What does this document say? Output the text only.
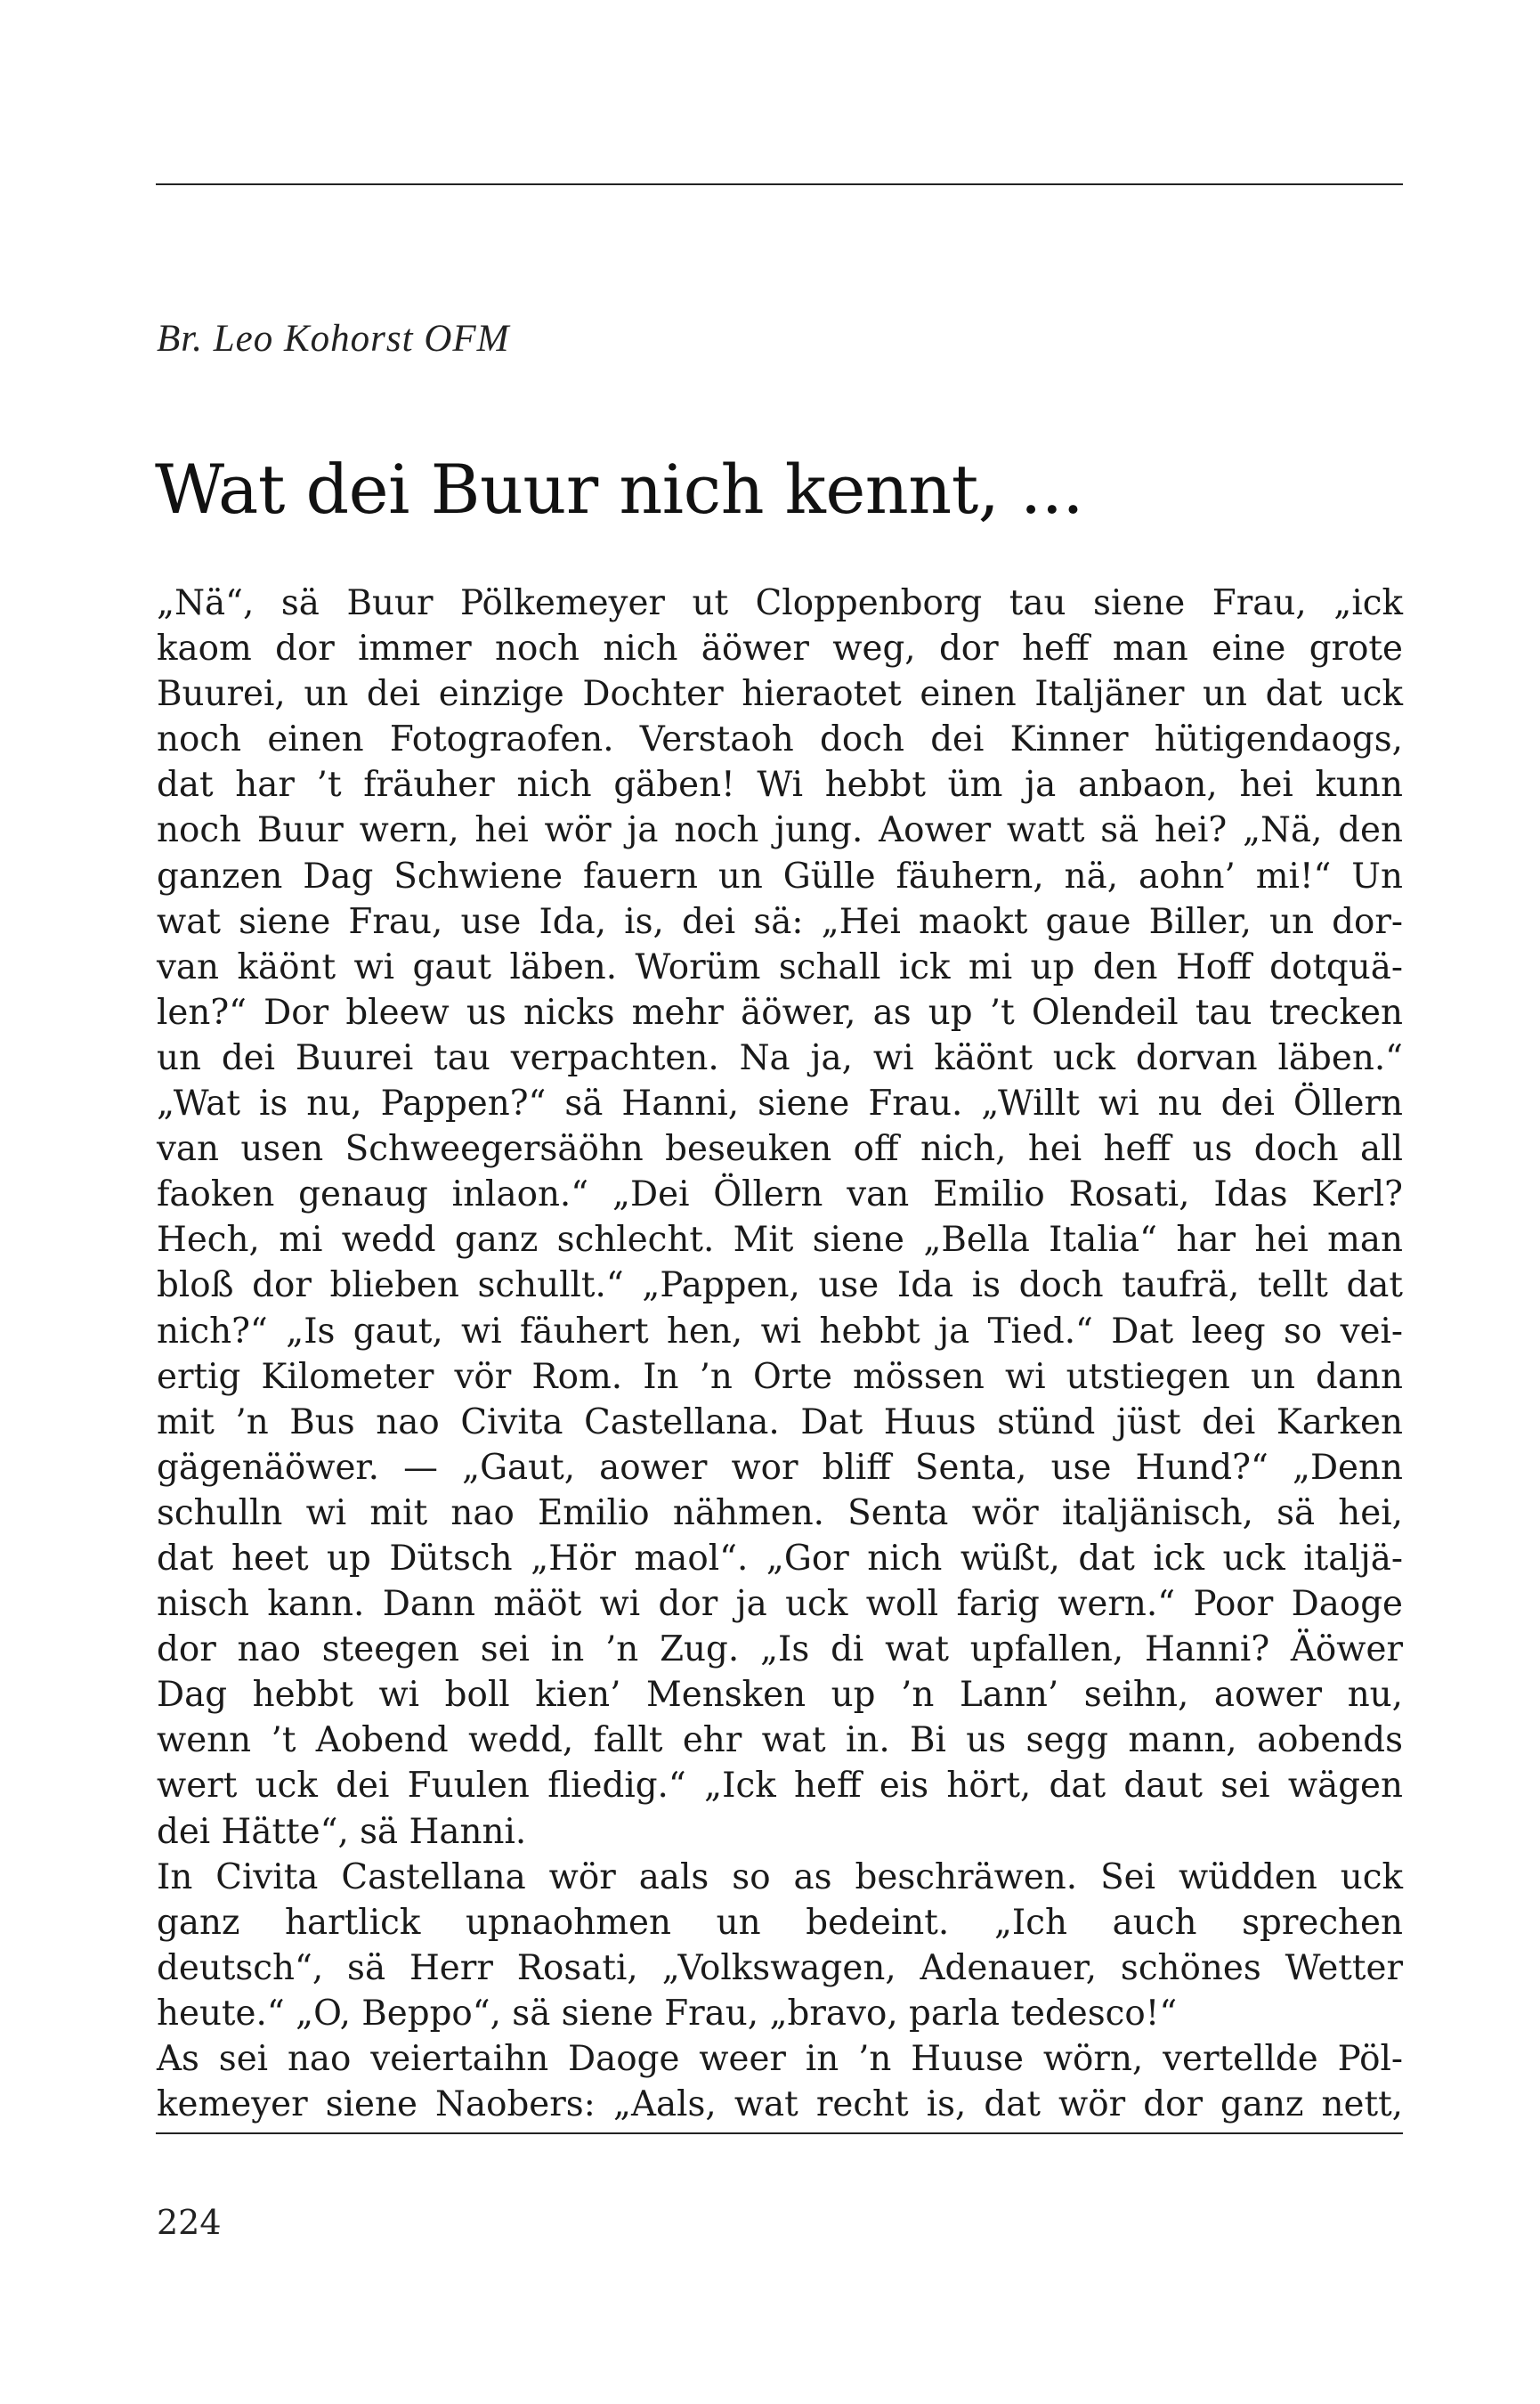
Br. Leo Kohorst OFM
Wat dei Buur nich kennt, ...
„Nä“, sä Buur Pölkemeyer ut Cloppenborg tau siene Frau, „ick
kaom dor immer noch nich äöwer weg, dor heff man eine grote
Buurei, un dei einzige Dochter hieraotet einen Italjäner un dat uck
noch einen Fotograofen. Verstaoh doch dei Kinner hütigendaogs,
dat har ’t fräuher nich gäben! Wi hebbt üm ja anbaon, hei kunn
noch Buur wern, hei wör ja noch jung. Aower watt sä hei? „Nä, den
ganzen Dag Schwiene fauern un Gülle fäuhern, nä, aohn’ mi!“ Un
wat siene Frau, use Ida, is, dei sä: „Hei maokt gaue Biller, un dor-
van käönt wi gaut läben. Worüm schall ick mi up den Hoff dotquä-
len?“ Dor bleew us nicks mehr äöwer, as up ’t Olendeil tau trecken
un dei Buurei tau verpachten. Na ja, wi käönt uck dorvan läben.“
„Wat is nu, Pappen?“ sä Hanni, siene Frau. „Willt wi nu dei Öllern
van usen Schweegersäöhn beseuken off nich, hei heff us doch all
faoken genaug inlaon.“ „Dei Öllern van Emilio Rosati, Idas Kerl?
Hech, mi wedd ganz schlecht. Mit siene „Bella Italia“ har hei man
bloß dor blieben schullt.“ „Pappen, use Ida is doch taufrä, tellt dat
nich?“ „Is gaut, wi fäuhert hen, wi hebbt ja Tied.“ Dat leeg so vei-
ertig Kilometer vör Rom. In ’n Orte mössen wi utstiegen un dann
mit ’n Bus nao Civita Castellana. Dat Huus stünd jüst dei Karken
gägenäöwer. — „Gaut, aower wor bliff Senta, use Hund?“ „Denn
schulln wi mit nao Emilio nähmen. Senta wör italjänisch, sä hei,
dat heet up Dütsch „Hör maol“. „Gor nich wüßt, dat ick uck italjä-
nisch kann. Dann mäöt wi dor ja uck woll farig wern.“ Poor Daoge
dor nao steegen sei in ’n Zug. „Is di wat upfallen, Hanni? Äöwer
Dag hebbt wi boll kien’ Mensken up ’n Lann’ seihn, aower nu,
wenn ’t Aobend wedd, fallt ehr wat in. Bi us segg mann, aobends
wert uck dei Fuulen fliedig.“ „Ick heff eis hört, dat daut sei wägen
dei Hätte“, sä Hanni.
In Civita Castellana wör aals so as beschräwen. Sei wüdden uck
ganz hartlick upnaohmen un bedeint. „Ich auch sprechen
deutsch“, sä Herr Rosati, „Volkswagen, Adenauer, schönes Wetter
heute.“ „O, Beppo“, sä siene Frau, „bravo, parla tedesco!“
As sei nao veiertaihn Daoge weer in ’n Huuse wörn, vertellde Pöl-
kemeyer siene Naobers: „Aals, wat recht is, dat wör dor ganz nett,
224
